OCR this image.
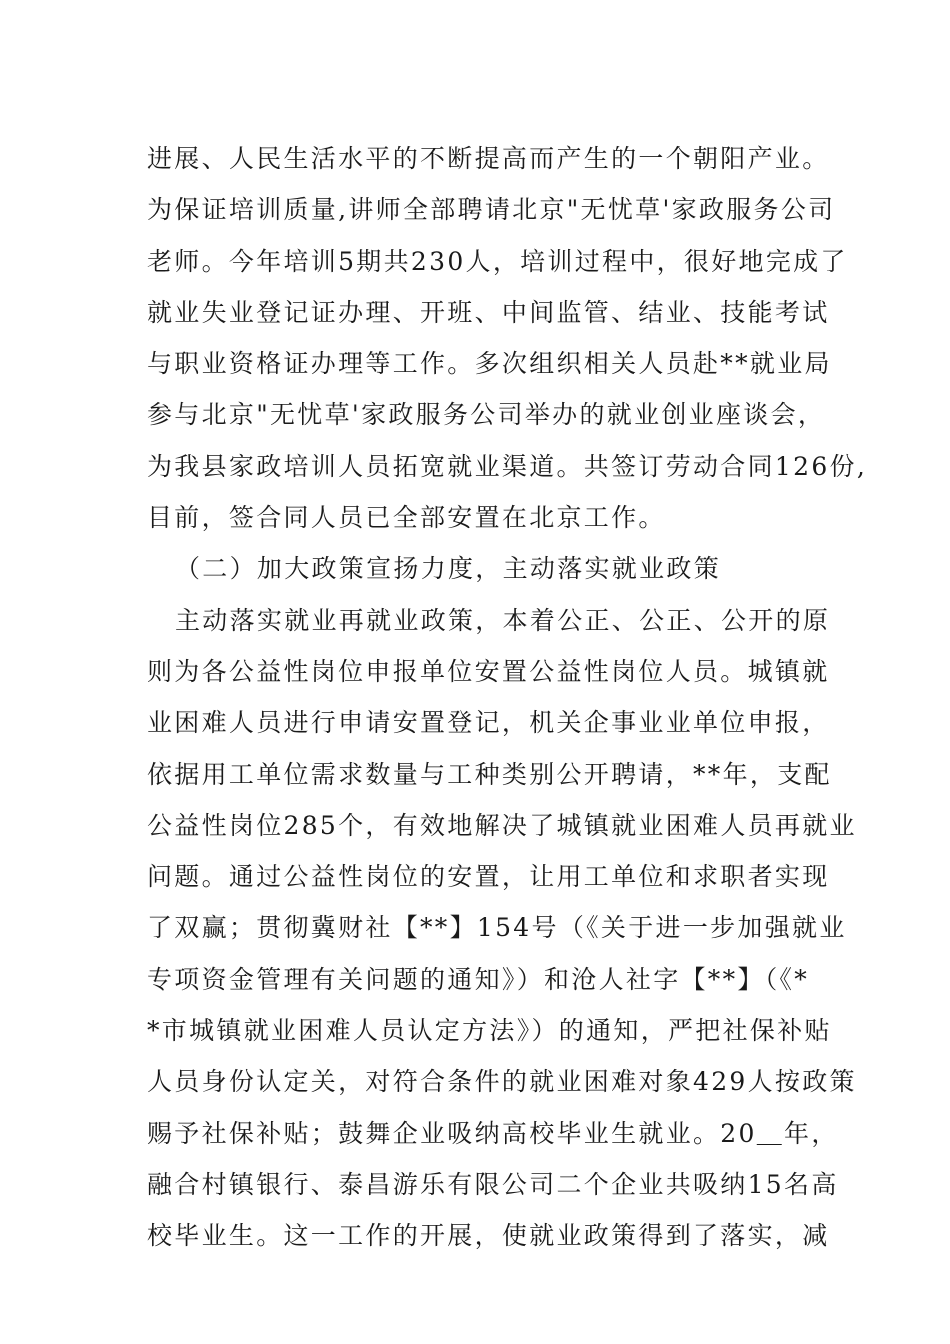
进展、人民生活水平的不断提高而产生的一个朝阳产业。
为保证培训质量,讲师全部聘请北京"无忧草'家政服务公司
老师。今年培训5期共230人，培训过程中，很好地完成了
就业失业登记证办理、开班、中间监管、结业、技能考试
与职业资格证办理等工作。多次组织相关人员赴**就业局
参与北京"无忧草'家政服务公司举办的就业创业座谈会，
为我县家政培训人员拓宽就业渠道。共签订劳动合同126份,
目前，签合同人员已全部安置在北京工作。
（二）加大政策宣扬力度，主动落实就业政策
主动落实就业再就业政策，本着公正、公正、公开的原
则为各公益性岗位申报单位安置公益性岗位人员。城镇就
业困难人员进行申请安置登记，机关企事业业单位申报，
依据用工单位需求数量与工种类别公开聘请，**年，支配
公益性岗位285个，有效地解决了城镇就业困难人员再就业
问题。通过公益性岗位的安置，让用工单位和求职者实现
了双赢；贯彻冀财社【**】154号（《关于进一步加强就业
专项资金管理有关问题的通知》）和沧人社字【**】（《*
*市城镇就业困难人员认定方法》）的通知，严把社保补贴
人员身份认定关，对符合条件的就业困难对象429人按政策
赐予社保补贴；鼓舞企业吸纳高校毕业生就业。20＿年，
融合村镇银行、泰昌游乐有限公司二个企业共吸纳15名高
校毕业生。这一工作的开展，使就业政策得到了落实，减
